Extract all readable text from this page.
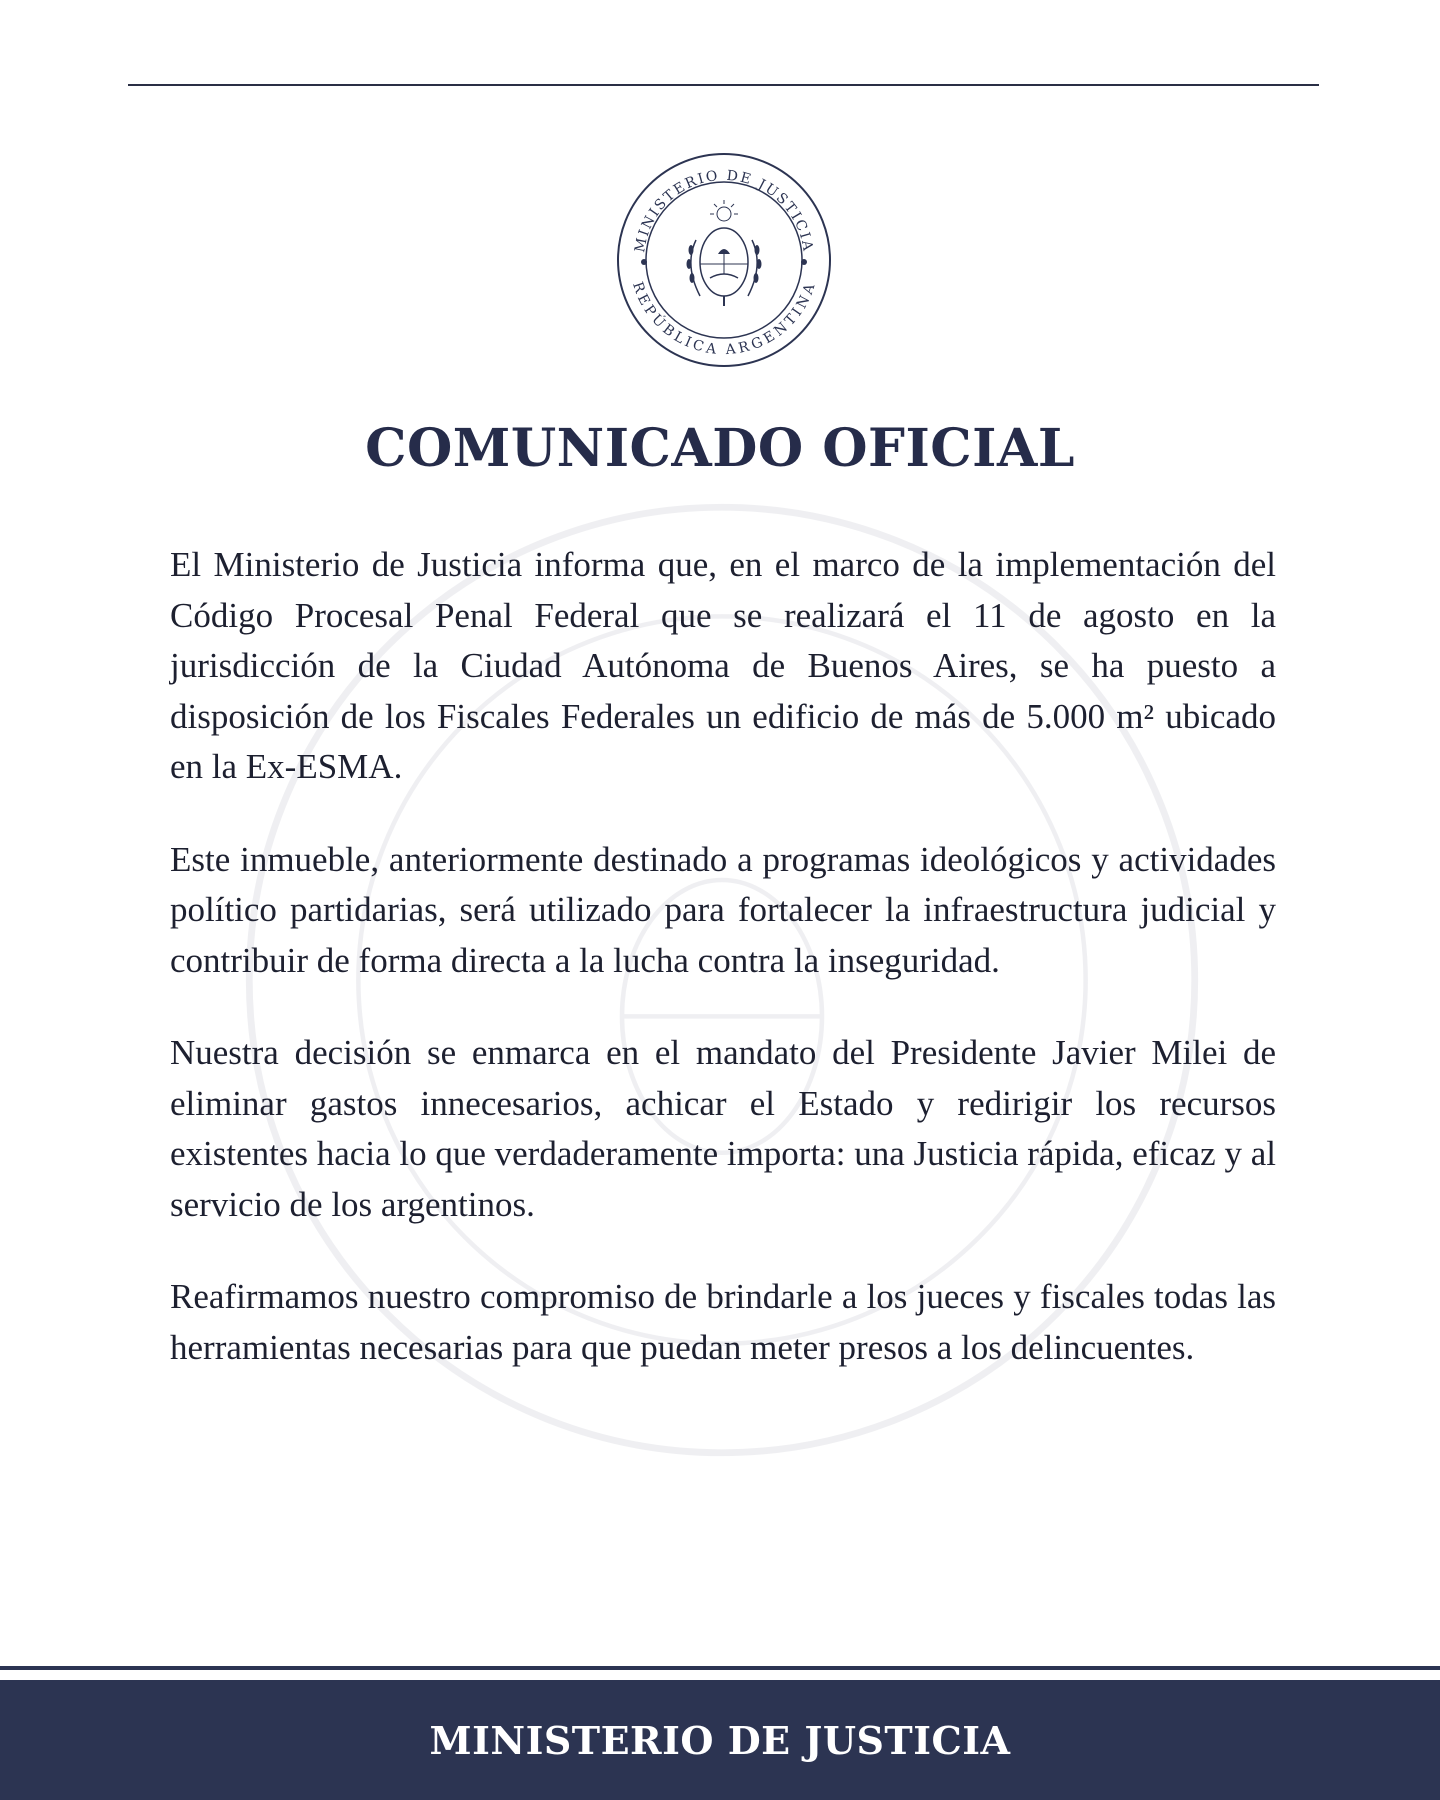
MINISTERIO DE JUSTICIA
REPÚBLICA ARGENTINA
COMUNICADO OFICIAL

El Ministerio de Justicia informa que, en el marco de la implementación del Código Procesal Penal Federal que se realizará el 11 de agosto en la jurisdicción de la Ciudad Autónoma de Buenos Aires, se ha puesto a disposición de los Fiscales Federales un edificio de más de 5.000 m² ubicado en la Ex-ESMA.

Este inmueble, anteriormente destinado a programas ideológicos y actividades político partidarias, será utilizado para fortalecer la infraestructura judicial y contribuir de forma directa a la lucha contra la inseguridad.

Nuestra decisión se enmarca en el mandato del Presidente Javier Milei de eliminar gastos innecesarios, achicar el Estado y redirigir los recursos existentes hacia lo que verdaderamente importa: una Justicia rápida, eficaz y al servicio de los argentinos.

Reafirmamos nuestro compromiso de brindarle a los jueces y fiscales todas las herramientas necesarias para que puedan meter presos a los delincuentes.

MINISTERIO DE JUSTICIA
